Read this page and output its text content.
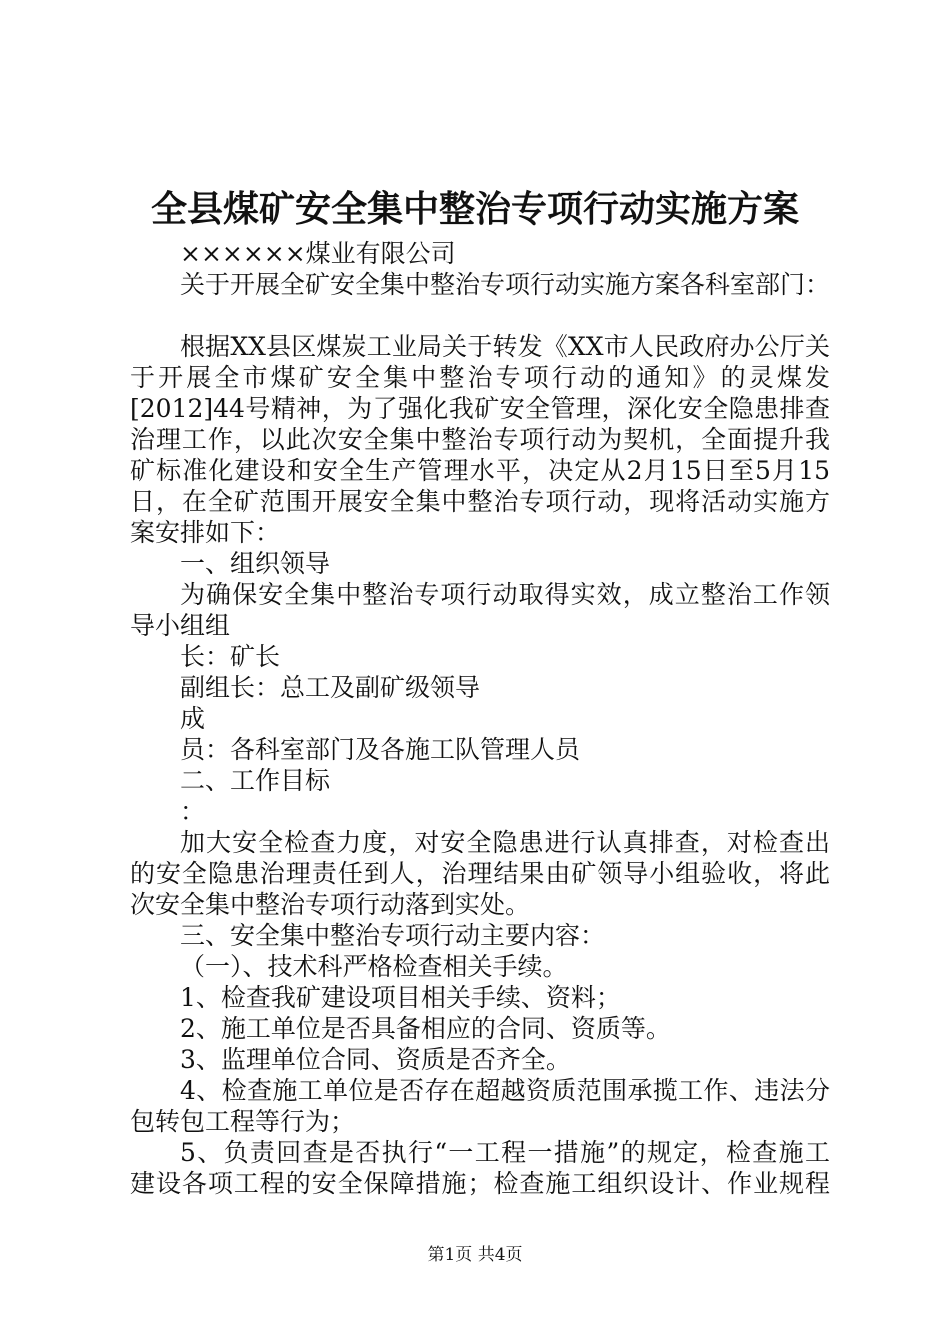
全县煤矿安全集中整治专项行动实施方案
××××××煤业有限公司
关于开展全矿安全集中整治专项行动实施方案各科室部门：
根据XX县区煤炭工业局关于转发《XX市人民政府办公厅关
于开展全市煤矿安全集中整治专项行动的通知》的灵煤发
[2012]44号精神，为了强化我矿安全管理，深化安全隐患排查
治理工作，以此次安全集中整治专项行动为契机，全面提升我
矿标准化建设和安全生产管理水平，决定从2月15日至5月15
日，在全矿范围开展安全集中整治专项行动，现将活动实施方
案安排如下：
一、组织领导
为确保安全集中整治专项行动取得实效，成立整治工作领
导小组组
长：矿长
副组长：总工及副矿级领导
成
员：各科室部门及各施工队管理人员
二、工作目标
：
加大安全检查力度，对安全隐患进行认真排查，对检查出
的安全隐患治理责任到人，治理结果由矿领导小组验收，将此
次安全集中整治专项行动落到实处。
三、安全集中整治专项行动主要内容：
（一）、技术科严格检查相关手续。
1、检查我矿建设项目相关手续、资料；
2、施工单位是否具备相应的合同、资质等。
3、监理单位合同、资质是否齐全。
4、检查施工单位是否存在超越资质范围承揽工作、违法分
包转包工程等行为；
5、负责回查是否执行“一工程一措施”的规定，检查施工
建设各项工程的安全保障措施；检查施工组织设计、作业规程
第1页 共4页
